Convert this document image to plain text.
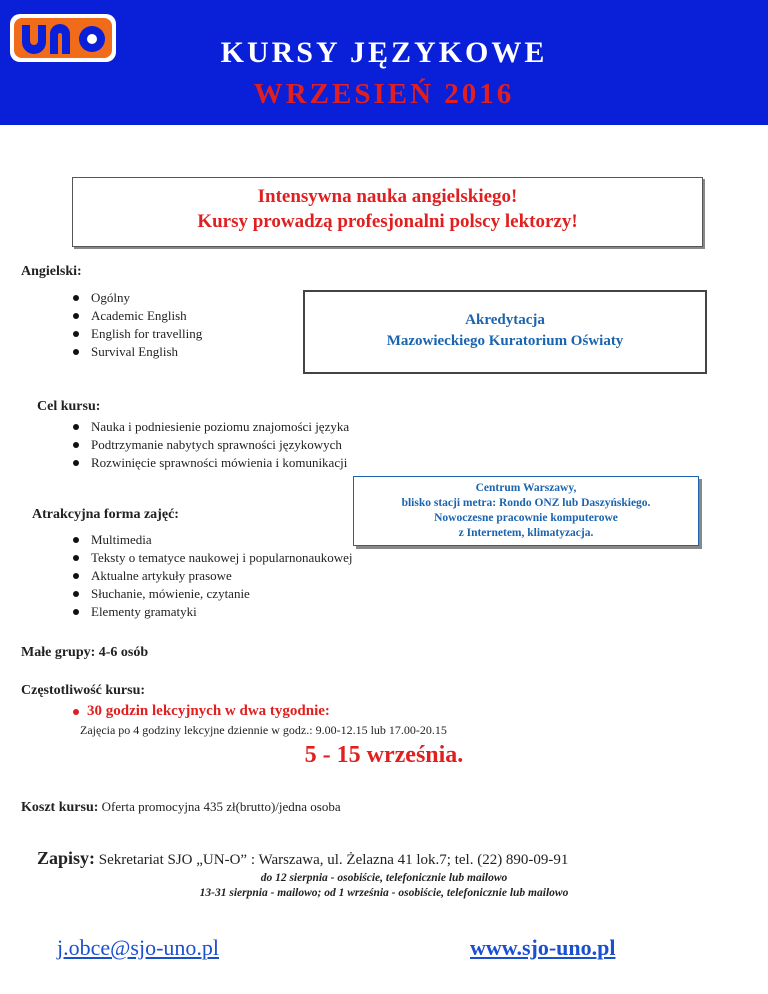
KURSY JĘZYKOWE
WRZESIEŃ 2016
Intensywna nauka angielskiego!
Kursy prowadzą profesjonalni polscy lektorzy!
Angielski:
Ogólny
Academic English
English for travelling
Survival English
Akredytacja
Mazowieckiego Kuratorium Oświaty
Cel kursu:
Nauka i podniesienie poziomu znajomości języka
Podtrzymanie nabytych sprawności językowych
Rozwinięcie sprawności mówienia i komunikacji
Centrum Warszawy,
blisko stacji metra: Rondo ONZ lub Daszyńskiego.
Nowoczesne pracownie komputerowe
z Internetem, klimatyzacja.
Atrakcyjna forma zajęć:
Multimedia
Teksty o tematyce naukowej i popularnonaukowej
Aktualne artykuły prasowe
Słuchanie, mówienie, czytanie
Elementy gramatyki
Małe grupy: 4-6 osób
Częstotliwość kursu:
30 godzin lekcyjnych w dwa tygodnie:
Zajęcia po 4 godziny lekcyjne dziennie w godz.: 9.00-12.15 lub 17.00-20.15
5 - 15 września.
Koszt kursu: Oferta promocyjna 435 zł(brutto)/jedna osoba
Zapisy: Sekretariat SJO „UN-O” : Warszawa, ul. Żelazna 41 lok.7; tel. (22) 890-09-91
do 12 sierpnia - osobiście, telefonicznie lub mailowo
13-31 sierpnia - mailowo; od 1 września - osobiście, telefonicznie lub mailowo
j.obce@sjo-uno.pl	www.sjo-uno.pl
